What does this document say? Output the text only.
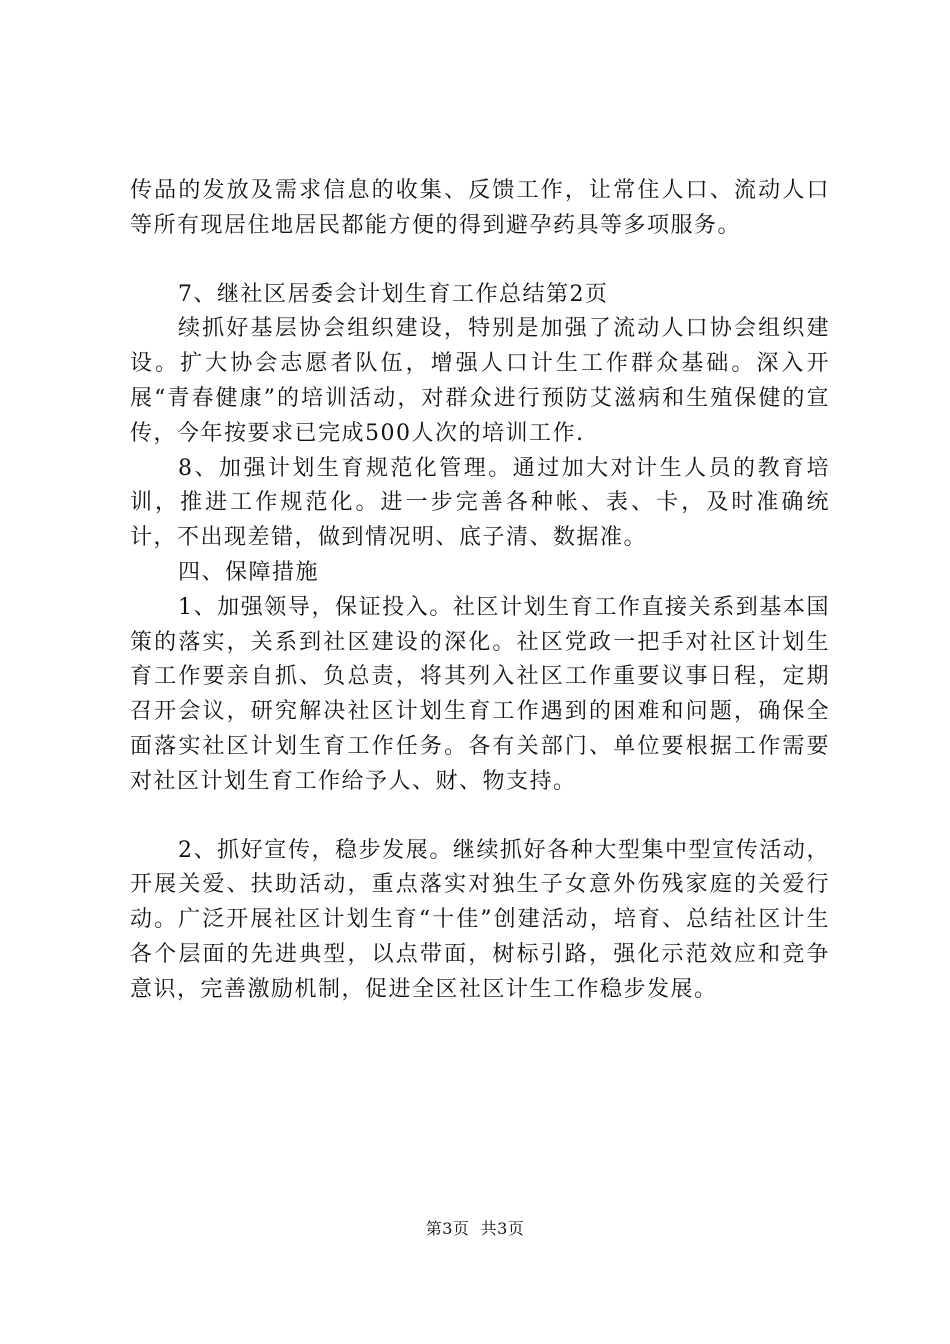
传品的发放及需求信息的收集、反馈工作，让常住人口、流动人口等所有现居住地居民都能方便的得到避孕药具等多项服务。

7、继社区居委会计划生育工作总结第2页

续抓好基层协会组织建设，特别是加强了流动人口协会组织建设。扩大协会志愿者队伍，增强人口计生工作群众基础。深入开展“青春健康”的培训活动，对群众进行预防艾滋病和生殖保健的宣传，今年按要求已完成500人次的培训工作.

8、加强计划生育规范化管理。通过加大对计生人员的教育培训，推进工作规范化。进一步完善各种帐、表、卡，及时准确统计，不出现差错，做到情况明、底子清、数据准。

四、保障措施

1、加强领导，保证投入。社区计划生育工作直接关系到基本国策的落实，关系到社区建设的深化。社区党政一把手对社区计划生育工作要亲自抓、负总责，将其列入社区工作重要议事日程，定期召开会议，研究解决社区计划生育工作遇到的困难和问题，确保全面落实社区计划生育工作任务。各有关部门、单位要根据工作需要对社区计划生育工作给予人、财、物支持。

2、抓好宣传，稳步发展。继续抓好各种大型集中型宣传活动，开展关爱、扶助活动，重点落实对独生子女意外伤残家庭的关爱行动。广泛开展社区计划生育“十佳”创建活动，培育、总结社区计生各个层面的先进典型，以点带面，树标引路，强化示范效应和竞争意识，完善激励机制，促进全区社区计生工作稳步发展。

第3页  共3页
